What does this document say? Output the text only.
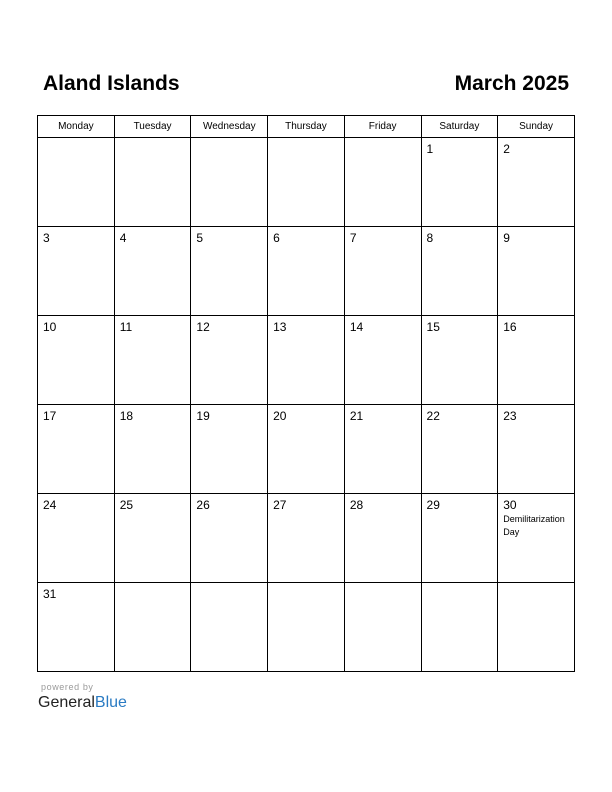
Aland Islands	March 2025
Monday	Tuesday	Wednesday	Thursday	Friday	Saturday	Sunday

					1	2

3	4	5	6	7	8	9

10	11	12	13	14	15	16

17	18	19	20	21	22	23

24	25	26	27	28	29	30
Demilitarization Day

31						

powered by
GeneralBlue
